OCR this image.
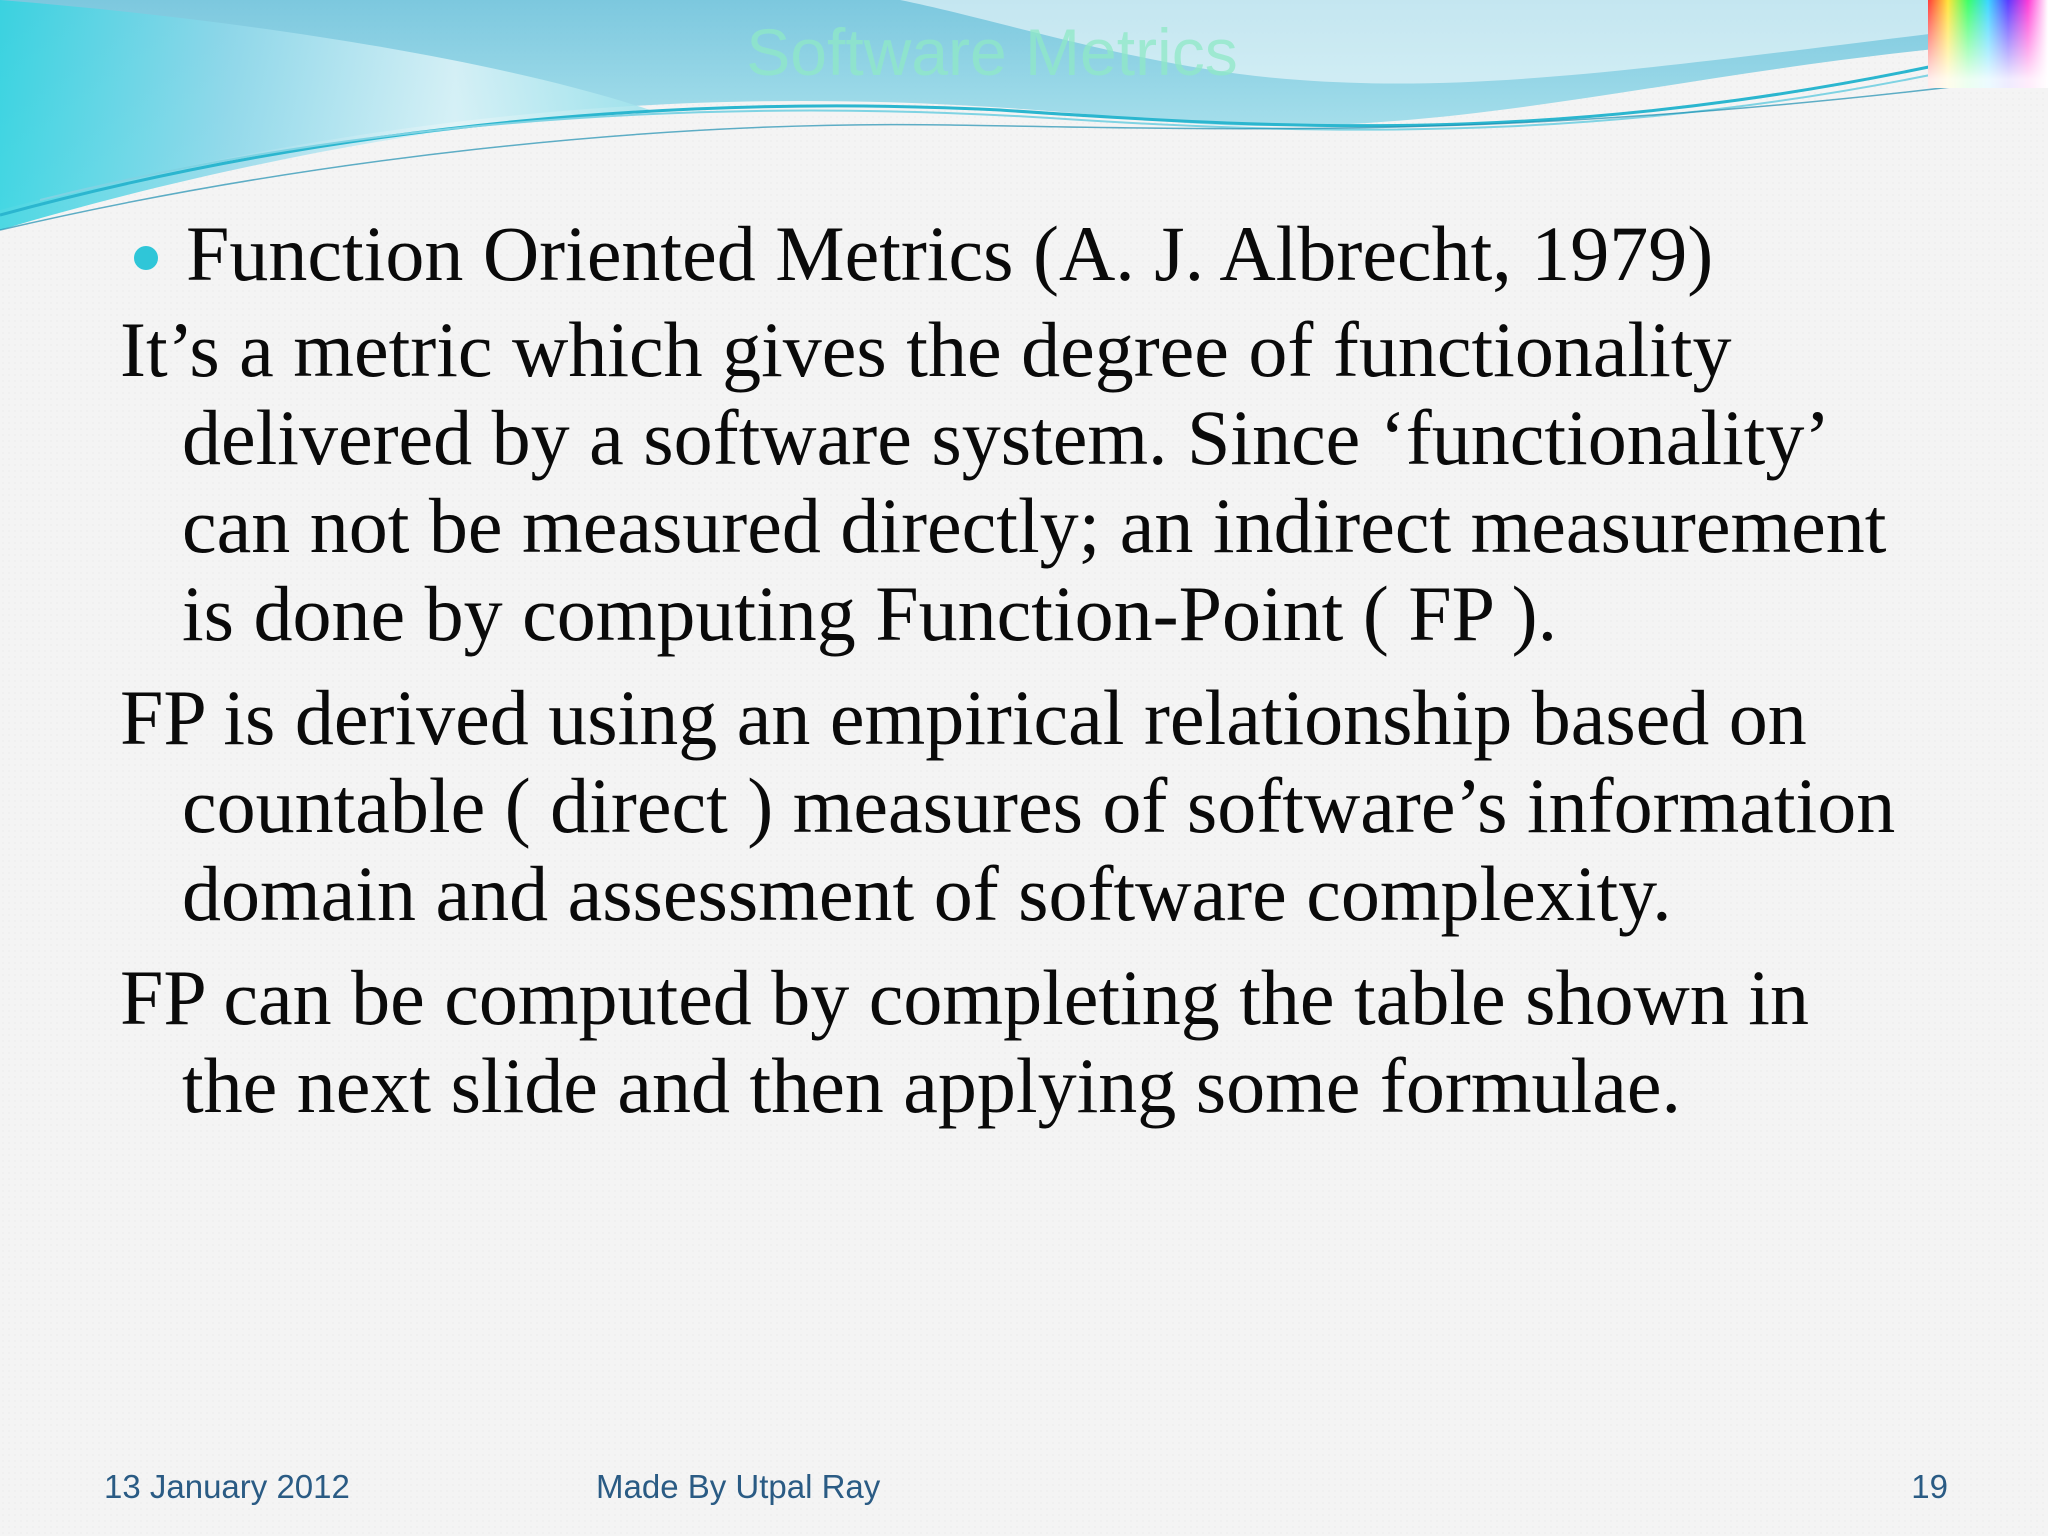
Software Metrics
Function Oriented Metrics (A. J. Albrecht, 1979)
It’s a metric which gives the degree of functionality delivered by a software system. Since ‘functionality’ can not be measured directly; an indirect measurement is done by computing Function-Point ( FP ).
FP is derived using an empirical relationship based on countable ( direct ) measures of software’s information domain and assessment of software complexity.
FP can be computed by completing the table shown in the next slide and then applying some formulae.
13 January 2012	Made By Utpal Ray	19
